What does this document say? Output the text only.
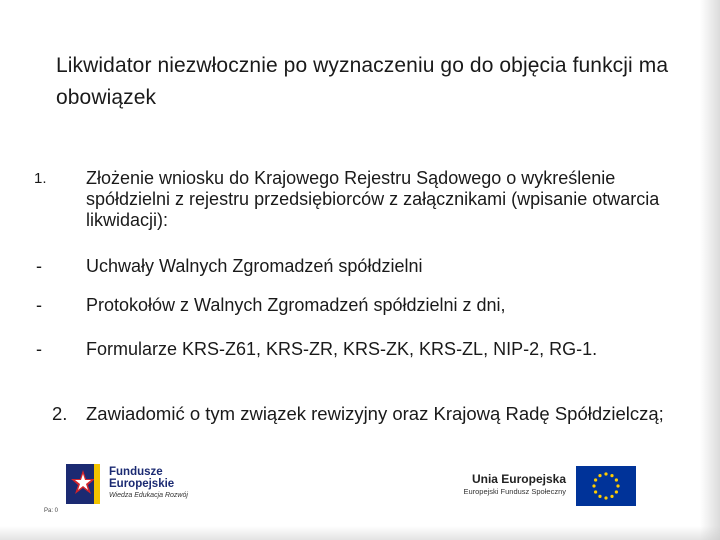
Likwidator niezwłocznie po wyznaczeniu go do objęcia funkcji ma obowiązek
1. Złożenie wniosku do Krajowego Rejestru Sądowego o wykreślenie spółdzielni z rejestru przedsiębiorców z załącznikami (wpisanie otwarcia likwidacji):
- Uchwały Walnych Zgromadzeń spółdzielni
- Protokołów z Walnych Zgromadzeń spółdzielni z dni,
- Formularze KRS-Z61, KRS-ZR, KRS-ZK, KRS-ZL, NIP-2, RG-1.
2. Zawiadomić o tym związek rewizyjny oraz Krajową Radę Spółdzielczą;
Fundusze
Europejskie
Wiedza Edukacja Rozwój
Unia Europejska
Europejski Fundusz Społeczny
Pa: 0
